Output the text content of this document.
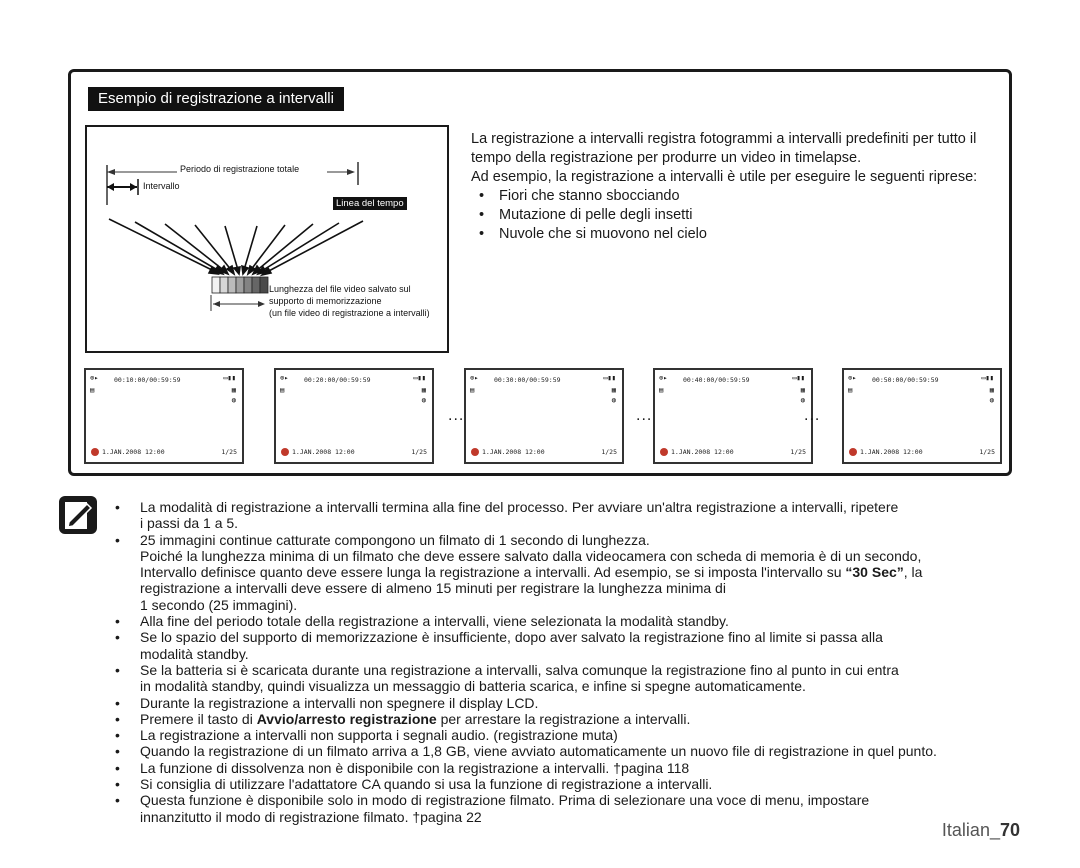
Esempio di registrazione a intervalli
Periodo di registrazione totale
Intervallo
Linea del tempo
Lunghezza del file video salvato sul
supporto di memorizzazione
(un file video di registrazione a intervalli)

La registrazione a intervalli registra fotogrammi a intervalli predefiniti per tutto il tempo della registrazione per produrre un video in timelapse.

Ad esempio, la registrazione a intervalli è utile per eseguire le seguenti riprese:

• Fiori che stanno sbocciando
• Mutazione di pelle degli insetti
• Nuvole che si muovono nel cielo
⊚▸ 00:10:00/00:59:59	▭▮▮
▤	▦
◍
1.JAN.2008 12:00	1/25
⊚▸ 00:20:00/00:59:59	▭▮▮
▤	▦
◍
1.JAN.2008 12:00	1/25
⊚▸ 00:30:00/00:59:59	▭▮▮
▤	▦
◍
1.JAN.2008 12:00	1/25
⊚▸ 00:40:00/00:59:59	▭▮▮
▤	▦
◍
1.JAN.2008 12:00	1/25
⊚▸ 00:50:00/00:59:59	▭▮▮
▤	▦
◍
1.JAN.2008 12:00	1/25
...	...	...
• La modalità di registrazione a intervalli termina alla fine del processo. Per avviare un'altra registrazione a intervalli, ripetere
i passi da 1 a 5.
• 25 immagini continue catturate compongono un filmato di 1 secondo di lunghezza.
Poiché la lunghezza minima di un filmato che deve essere salvato dalla videocamera con scheda di memoria è di un secondo,
Intervallo definisce quanto deve essere lunga la registrazione a intervalli. Ad esempio, se si imposta l'intervallo su “30 Sec”, la
registrazione a intervalli deve essere di almeno 15 minuti per registrare la lunghezza minima di
1 secondo (25 immagini).
• Alla fine del periodo totale della registrazione a intervalli, viene selezionata la modalità standby.
• Se lo spazio del supporto di memorizzazione è insufficiente, dopo aver salvato la registrazione fino al limite si passa alla
modalità standby.
• Se la batteria si è scaricata durante una registrazione a intervalli, salva comunque la registrazione fino al punto in cui entra
in modalità standby, quindi visualizza un messaggio di batteria scarica, e infine si spegne automaticamente.
• Durante la registrazione a intervalli non spegnere il display LCD.
• Premere il tasto di Avvio/arresto registrazione per arrestare la registrazione a intervalli.
• La registrazione a intervalli non supporta i segnali audio. (registrazione muta)
• Quando la registrazione di un filmato arriva a 1,8 GB, viene avviato automaticamente un nuovo file di registrazione in quel punto.
• La funzione di dissolvenza non è disponibile con la registrazione a intervalli. †pagina 118
• Si consiglia di utilizzare l'adattatore CA quando si usa la funzione di registrazione a intervalli.
• Questa funzione è disponibile solo in modo di registrazione filmato. Prima di selezionare una voce di menu, impostare
innanzitutto il modo di registrazione filmato. †pagina 22
Italian_70
